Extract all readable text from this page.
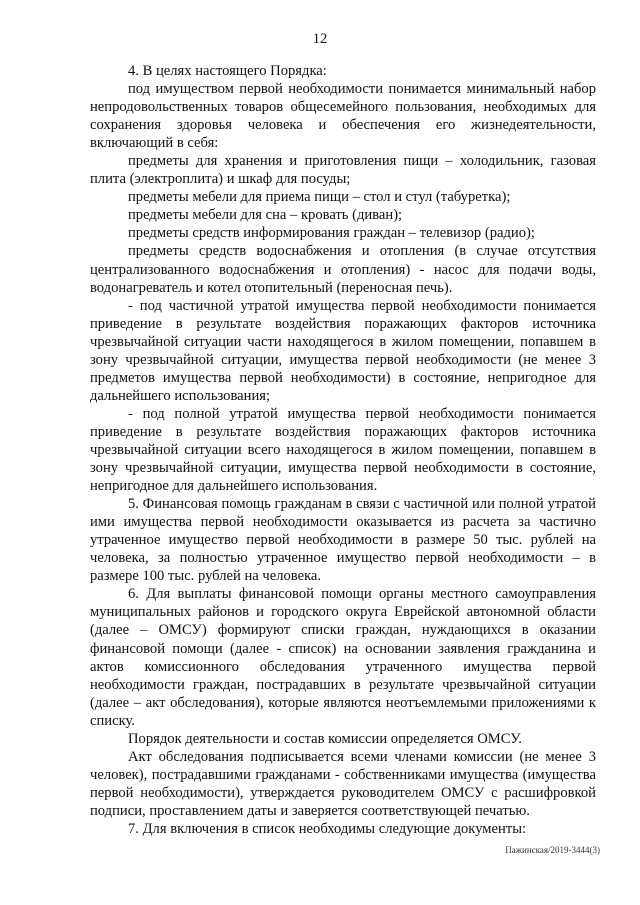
12

4. В целях настоящего Порядка:

под имуществом первой необходимости понимается минимальный набор непродовольственных товаров общесемейного пользования, необходимых для сохранения здоровья человека и обеспечения его жизнедеятельности, включающий в себя:

предметы для хранения и приготовления пищи – холодильник, газовая плита (электроплита) и шкаф для посуды;

предметы мебели для приема пищи – стол и стул (табуретка);

предметы мебели для сна – кровать (диван);

предметы средств информирования граждан – телевизор (радио);

предметы средств водоснабжения и отопления (в случае отсутствия централизованного водоснабжения и отопления) - насос для подачи воды, водонагреватель и котел отопительный (переносная печь).

- под частичной утратой имущества первой необходимости понимается приведение в результате воздействия поражающих факторов источника чрезвычайной ситуации части находящегося в жилом помещении, попавшем в зону чрезвычайной ситуации, имущества первой необходимости (не менее 3 предметов имущества первой необходимости) в состояние, непригодное для дальнейшего использования;

- под полной утратой имущества первой необходимости понимается приведение в результате воздействия поражающих факторов источника чрезвычайной ситуации всего находящегося в жилом помещении, попавшем в зону чрезвычайной ситуации, имущества первой необходимости в состояние, непригодное для дальнейшего использования.

5. Финансовая помощь гражданам в связи с частичной или полной утратой ими имущества первой необходимости оказывается из расчета за частично утраченное имущество первой необходимости в размере 50 тыс. рублей на человека, за полностью утраченное имущество первой необходимости – в размере 100 тыс. рублей на человека.

6. Для выплаты финансовой помощи органы местного самоуправления муниципальных районов и городского округа Еврейской автономной области (далее – ОМСУ) формируют списки граждан, нуждающихся в оказании финансовой помощи (далее - список) на основании заявления гражданина и актов комиссионного обследования утраченного имущества первой необходимости граждан, пострадавших в результате чрезвычайной ситуации (далее – акт обследования), которые являются неотъемлемыми приложениями к списку.

Порядок деятельности и состав комиссии определяется ОМСУ.

Акт обследования подписывается всеми членами комиссии (не менее 3 человек), пострадавшими гражданами - собственниками имущества (имущества первой необходимости), утверждается руководителем ОМСУ с расшифровкой подписи, проставлением даты и заверяется соответствующей печатью.

7. Для включения в список необходимы следующие документы:

Пажинская/2019-3444(3)
